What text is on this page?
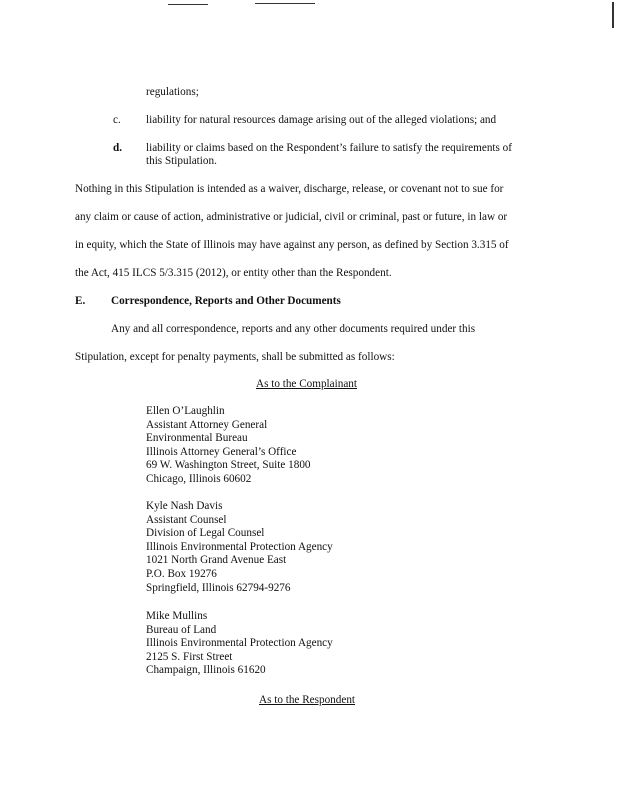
regulations;
c. liability for natural resources damage arising out of the alleged violations; and
d. liability or claims based on the Respondent’s failure to satisfy the requirements of
this Stipulation.
Nothing in this Stipulation is intended as a waiver, discharge, release, or covenant not to sue for
any claim or cause of action, administrative or judicial, civil or criminal, past or future, in law or
in equity, which the State of Illinois may have against any person, as defined by Section 3.315 of
the Act, 415 ILCS 5/3.315 (2012), or entity other than the Respondent.
E. Correspondence, Reports and Other Documents
Any and all correspondence, reports and any other documents required under this
Stipulation, except for penalty payments, shall be submitted as follows:
As to the Complainant
Ellen O’Laughlin
Assistant Attorney General
Environmental Bureau
Illinois Attorney General’s Office
69 W. Washington Street, Suite 1800
Chicago, Illinois 60602
Kyle Nash Davis
Assistant Counsel
Division of Legal Counsel
Illinois Environmental Protection Agency
1021 North Grand Avenue East
P.O. Box 19276
Springfield, Illinois 62794-9276
Mike Mullins
Bureau of Land
Illinois Environmental Protection Agency
2125 S. First Street
Champaign, Illinois 61620
As to the Respondent
